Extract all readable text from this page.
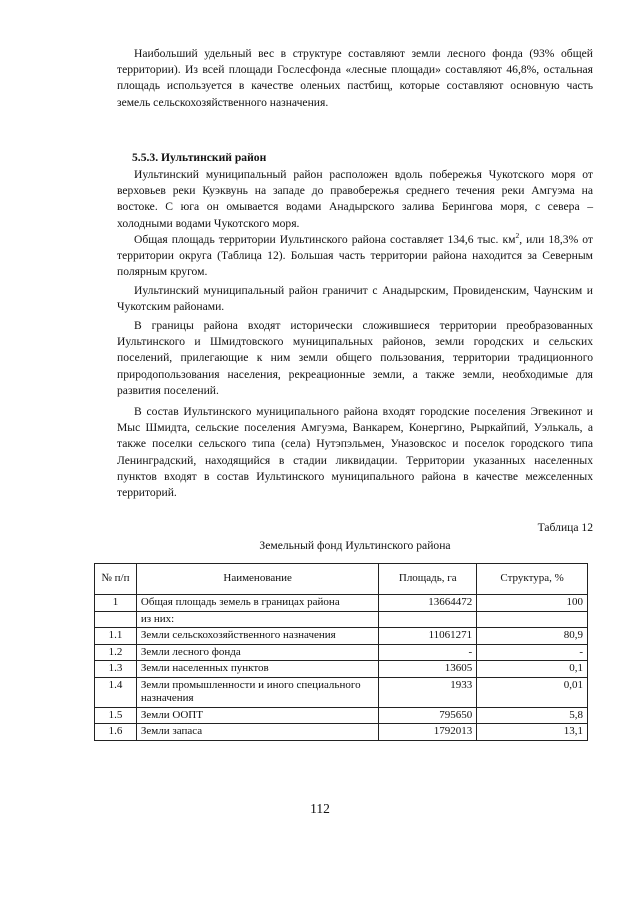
Наибольший удельный вес в структуре составляют земли лесного фонда (93% общей территории). Из всей площади Гослесфонда «лесные площади» составляют 46,8%, остальная площадь используется в качестве оленьих пастбищ, которые составляют основную часть земель сельскохозяйственного назначения.

5.5.3. Иультинский район

Иультинский муниципальный район расположен вдоль побережья Чукотского моря от верховьев реки Куэквунь на западе до правобережья среднего течения реки Амгуэма на востоке. С юга он омывается водами Анадырского залива Берингова моря, с севера – холодными водами Чукотского моря.

Общая площадь территории Иультинского района составляет 134,6 тыс. $км^2$, или 18,3% от территории округа (Таблица 12). Большая часть территории района находится за Северным полярным кругом.

Иультинский муниципальный район граничит с Анадырским, Провиденским, Чаунским и Чукотским районами.

В границы района входят исторически сложившиеся территории преобразованных Иультинского и Шмидтовского муниципальных районов, земли городских и сельских поселений, прилегающие к ним земли общего пользования, территории традиционного природопользования населения, рекреационные земли, а также земли, необходимые для развития поселений.

В состав Иультинского муниципального района входят городские поселения Эгвекинот и Мыс Шмидта, сельские поселения Амгуэма, Ванкарем, Конергино, Рыркайпий, Уэлькаль, а также поселки сельского типа (села) Нутэпэльмен, Уназовскос и поселок городского типа Ленинградский, находящийся в стадии ликвидации. Территории указанных населенных пунктов входят в состав Иультинского муниципального района в качестве межселенных территорий.

Таблица 12

Земельный фонд Иультинского района

№ п/п	Наименование	Площадь, га	Структура, %
1	Общая площадь земель в границах района	13664472	100
	из них:		
1.1	Земли сельскохозяйственного назначения	11061271	80,9
1.2	Земли лесного фонда	-	-
1.3	Земли населенных пунктов	13605	0,1
1.4	Земли промышленности и иного специального назначения	1933	0,01
1.5	Земли ООПТ	795650	5,8
1.6	Земли запаса	1792013	13,1
112
